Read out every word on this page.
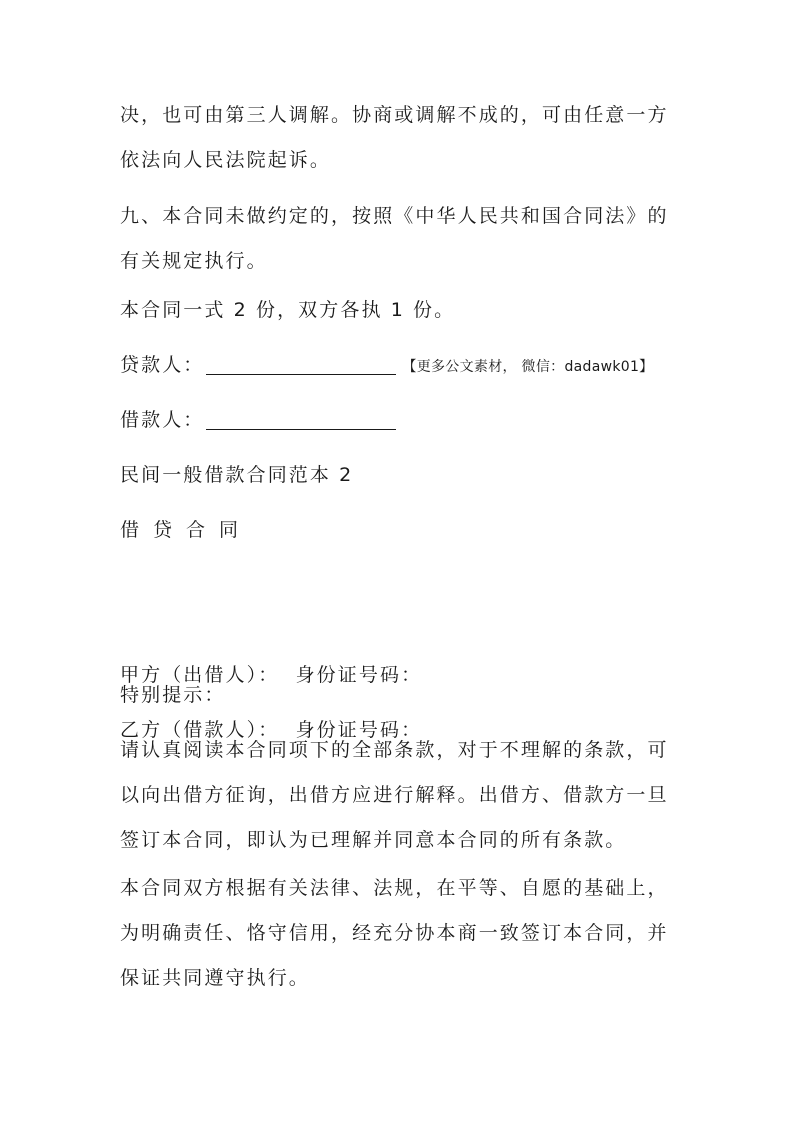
决，也可由第三人调解。协商或调解不成的，可由任意一方
依法向人民法院起诉。

九、本合同未做约定的，按照《中华人民共和国合同法》的
有关规定执行。

本合同一式 2 份，双方各执 1 份。

贷款人：	【更多公文素材， 微信：dadawk01】

借款人：

民间一般借款合同范本 2

借贷合同

甲方（出借人）：  身份证号码：

乙方（借款人）：  身份证号码：

特别提示：

请认真阅读本合同项下的全部条款，对于不理解的条款，可
以向出借方征询，出借方应进行解释。出借方、借款方一旦
签订本合同，即认为已理解并同意本合同的所有条款。

本合同双方根据有关法律、法规，在平等、自愿的基础上，
为明确责任、恪守信用，经充分协本商一致签订本合同，并
保证共同遵守执行。
